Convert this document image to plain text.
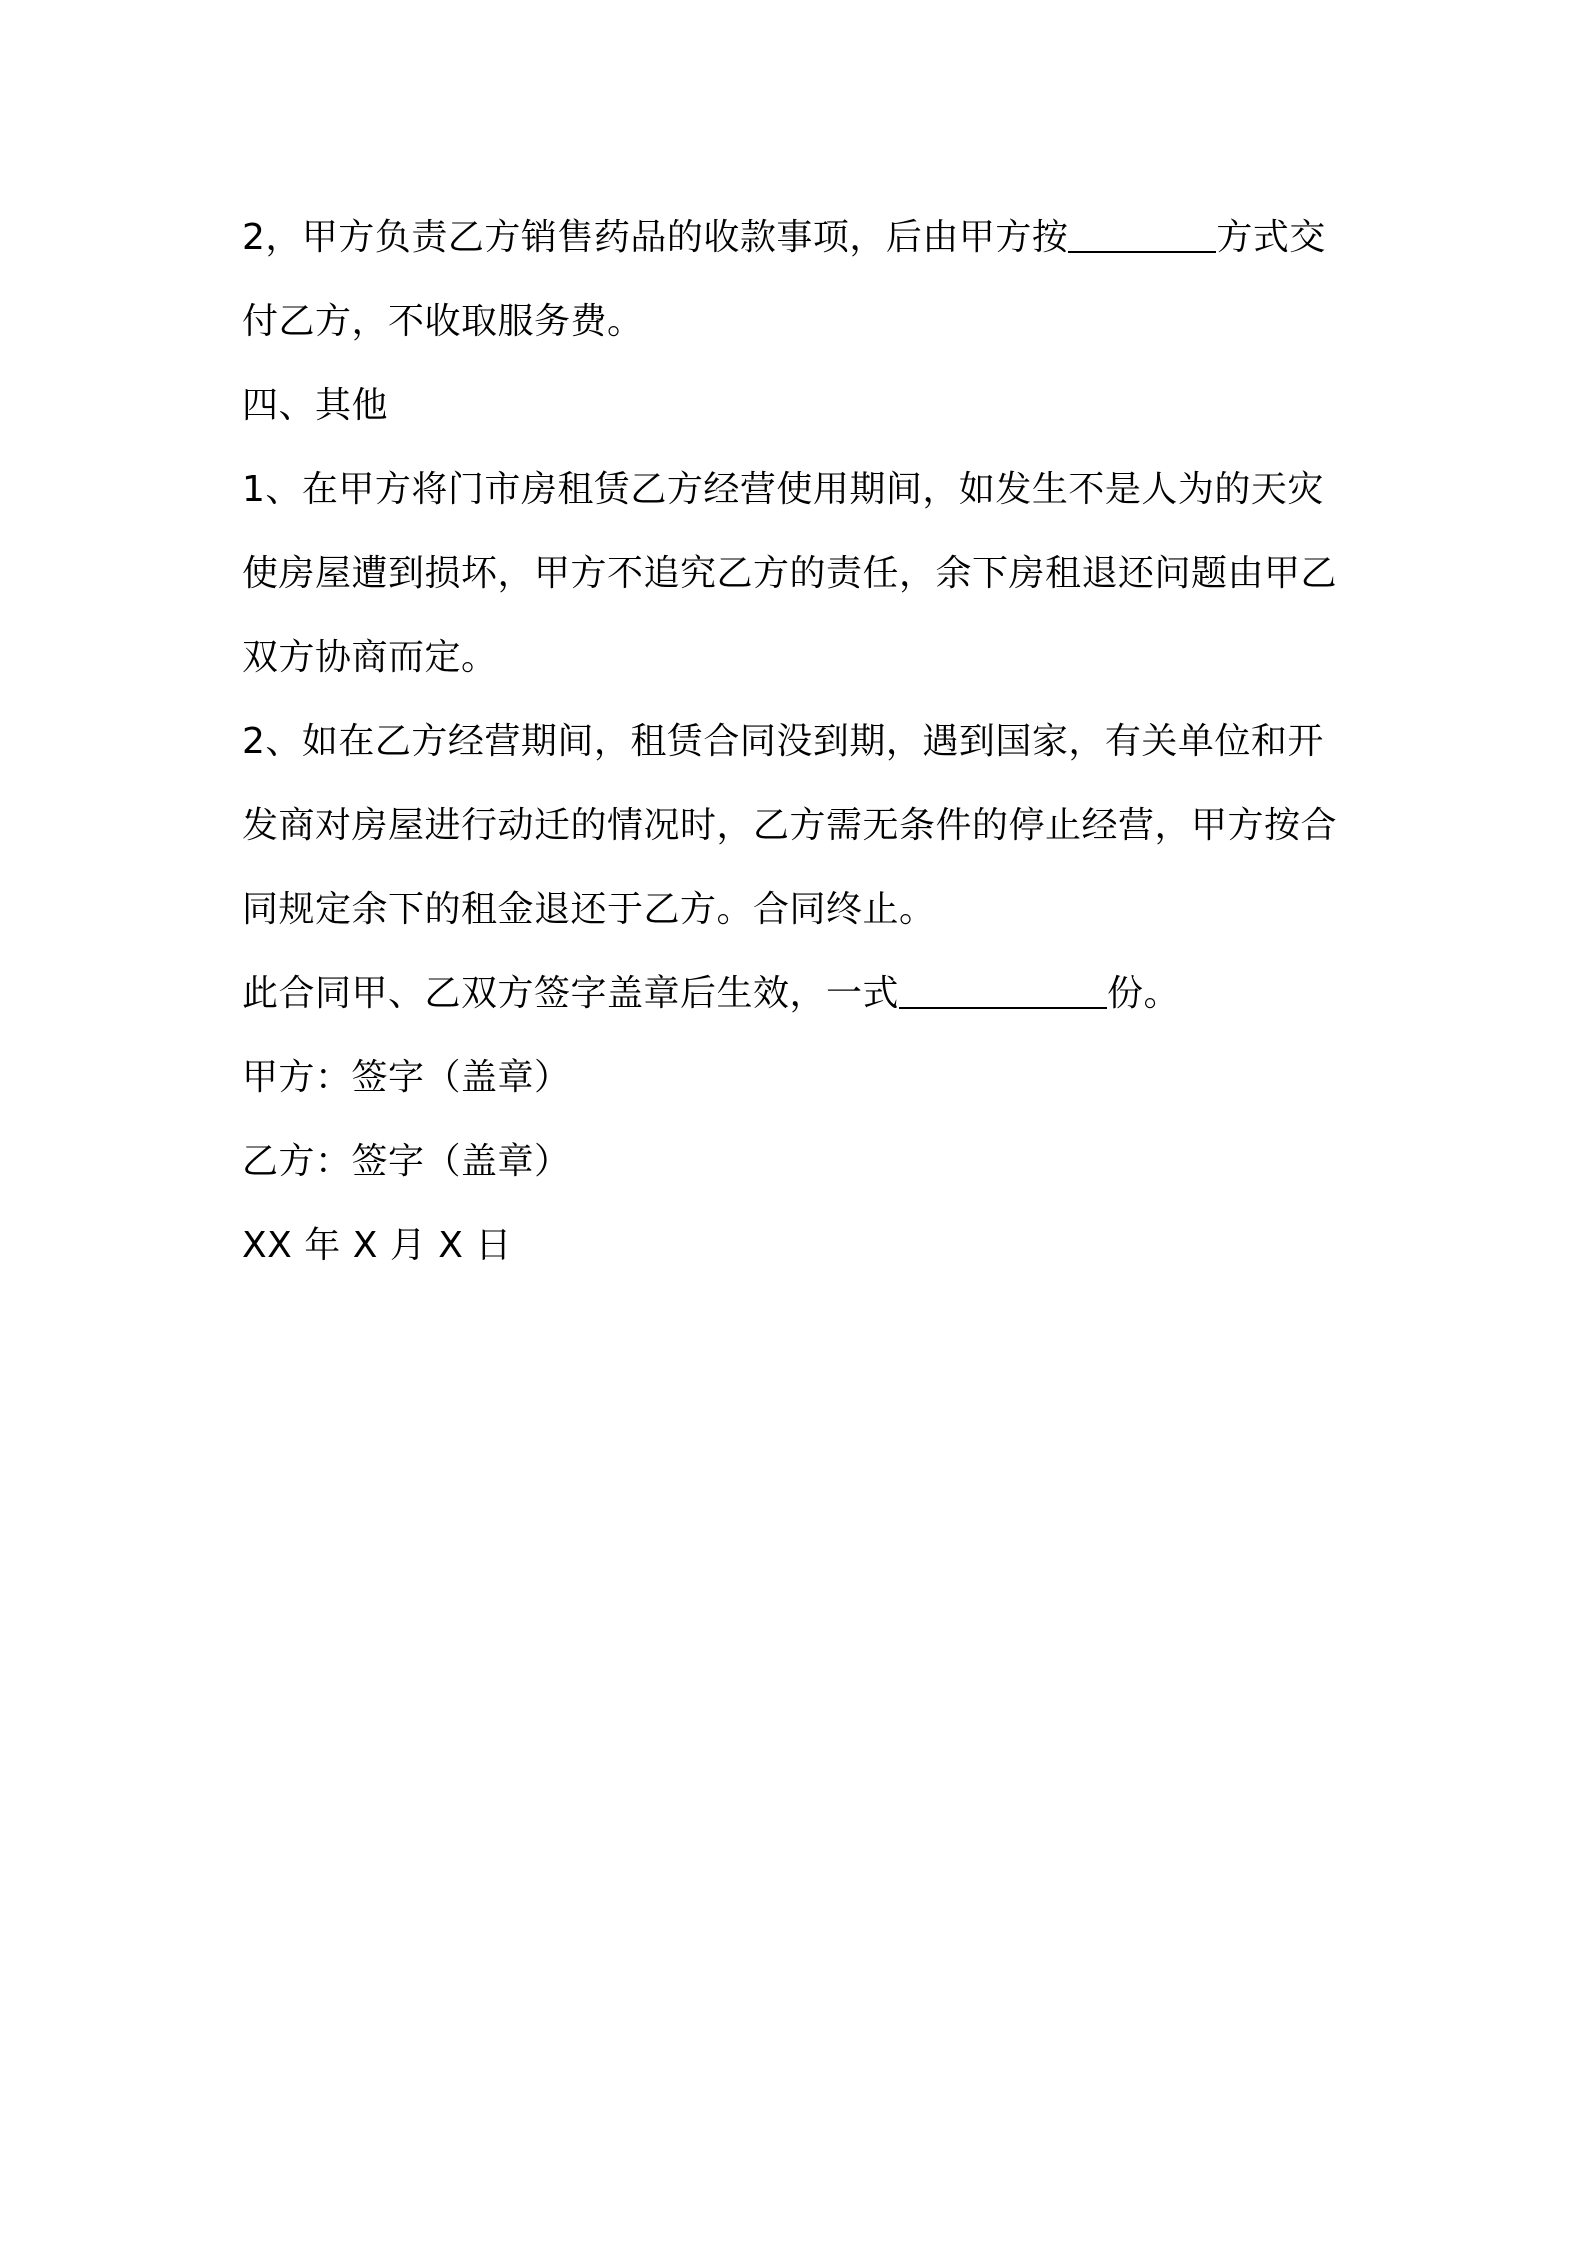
2，甲方负责乙方销售药品的收款事项，后由甲方按	方式交
付乙方，不收取服务费。
四、其他
1、在甲方将门市房租赁乙方经营使用期间，如发生不是人为的天灾
使房屋遭到损坏，甲方不追究乙方的责任，余下房租退还问题由甲乙
双方协商而定。
2、如在乙方经营期间，租赁合同没到期，遇到国家，有关单位和开
发商对房屋进行动迁的情况时，乙方需无条件的停止经营，甲方按合
同规定余下的租金退还于乙方。合同终止。
此合同甲、乙双方签字盖章后生效，一式	份。
甲方：签字（盖章）
乙方：签字（盖章）
XX 年 X 月 X 日
